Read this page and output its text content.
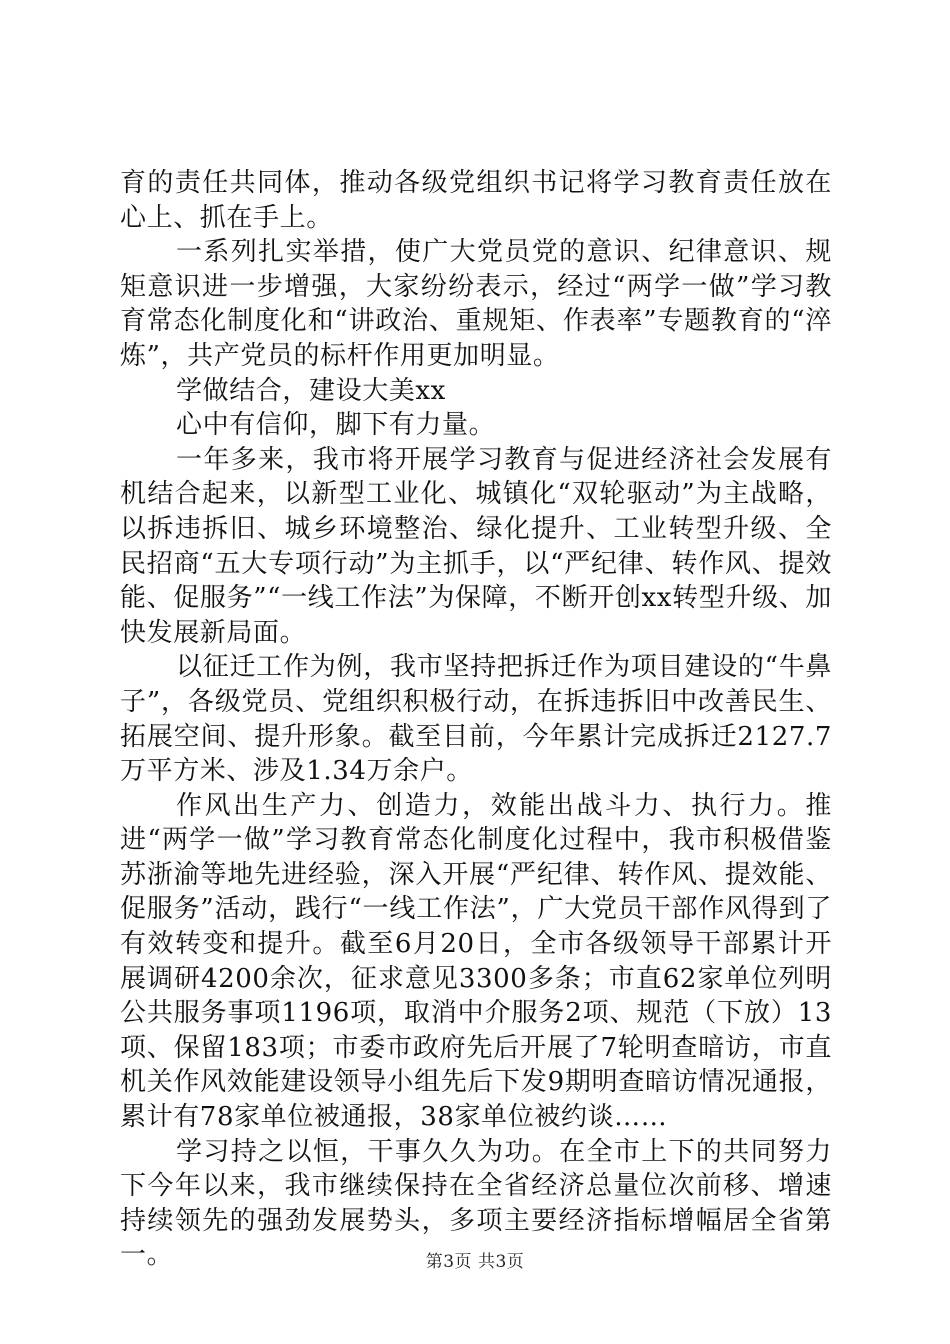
育的责任共同体，推动各级党组织书记将学习教育责任放在心上、抓在手上。

一系列扎实举措，使广大党员党的意识、纪律意识、规矩意识进一步增强，大家纷纷表示，经过“两学一做”学习教育常态化制度化和“讲政治、重规矩、作表率”专题教育的“淬炼”，共产党员的标杆作用更加明显。

学做结合，建设大美xx

心中有信仰，脚下有力量。

一年多来，我市将开展学习教育与促进经济社会发展有机结合起来，以新型工业化、城镇化“双轮驱动”为主战略，以拆违拆旧、城乡环境整治、绿化提升、工业转型升级、全民招商“五大专项行动”为主抓手，以“严纪律、转作风、提效能、促服务”“一线工作法”为保障，不断开创xx转型升级、加快发展新局面。

以征迁工作为例，我市坚持把拆迁作为项目建设的“牛鼻子”，各级党员、党组织积极行动，在拆违拆旧中改善民生、拓展空间、提升形象。截至目前，今年累计完成拆迁2127.7万平方米、涉及1.34万余户。

作风出生产力、创造力，效能出战斗力、执行力。推进“两学一做”学习教育常态化制度化过程中，我市积极借鉴苏浙渝等地先进经验，深入开展“严纪律、转作风、提效能、促服务”活动，践行“一线工作法”，广大党员干部作风得到了有效转变和提升。截至6月20日，全市各级领导干部累计开展调研4200余次，征求意见3300多条；市直62家单位列明公共服务事项1196项，取消中介服务2项、规范（下放）13项、保留183项；市委市政府先后开展了7轮明查暗访，市直机关作风效能建设领导小组先后下发9期明查暗访情况通报，累计有78家单位被通报，38家单位被约谈……

学习持之以恒，干事久久为功。在全市上下的共同努力下今年以来，我市继续保持在全省经济总量位次前移、增速持续领先的强劲发展势头，多项主要经济指标增幅居全省第一。	第3页 共3页
